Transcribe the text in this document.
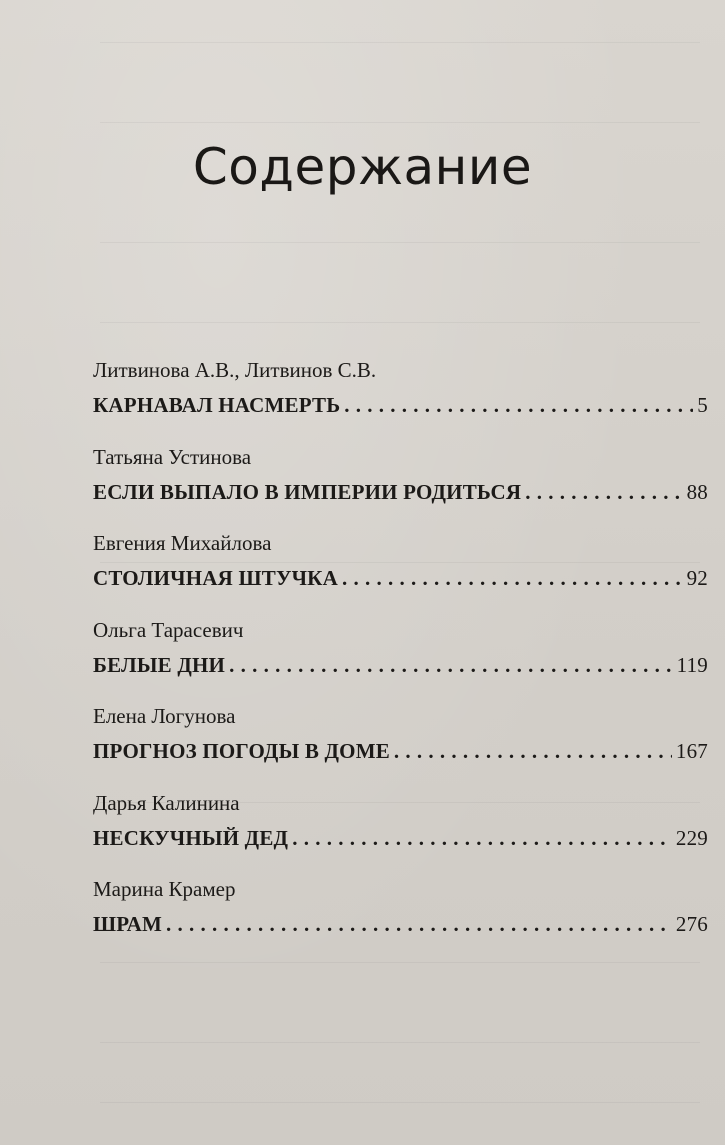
Содержание
Литвинова А.В., Литвинов С.В.
КАРНАВАЛ НАСМЕРТЬ . . .	5
Татьяна Устинова
ЕСЛИ ВЫПАЛО В ИМПЕРИИ РОДИТЬСЯ . . .	88
Евгения Михайлова
СТОЛИЧНАЯ ШТУЧКА . . .	92
Ольга Тарасевич
БЕЛЫЕ ДНИ . . .	119
Елена Логунова
ПРОГНОЗ ПОГОДЫ В ДОМЕ . . .	167
Дарья Калинина
НЕСКУЧНЫЙ ДЕД . . .	229
Марина Крамер
ШРАМ . . .	276
